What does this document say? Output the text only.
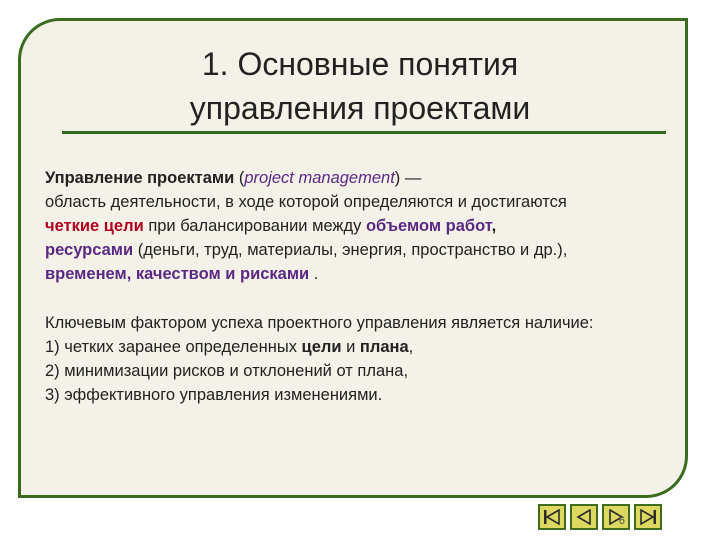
1. Основные понятия
управления проектами

Управление проектами (project management) —
область деятельности, в ходе которой определяются и достигаются
четкие цели при балансировании между объемом работ,
ресурсами (деньги, труд, материалы, энергия, пространство и др.),
временем, качеством и рисками .

Ключевым фактором успеха проектного управления является наличие:
1) четких заранее определенных цели и плана,
2) минимизации рисков и отклонений от плана,
3) эффективного управления изменениями.

6
